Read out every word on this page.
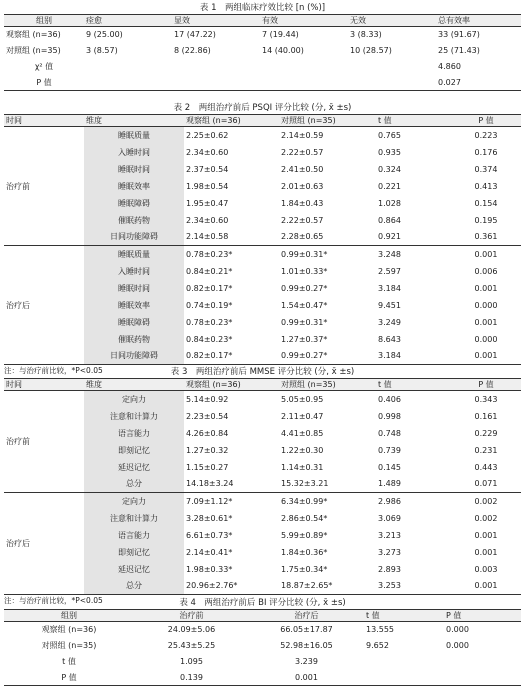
表 1　两组临床疗效比较 [n (%)]
组别	痊愈	显效	有效	无效	总有效率
观察组 (n=36)	9 (25.00)	17 (47.22)	7 (19.44)	3 (8.33)	33 (91.67)
对照组 (n=35)	3 (8.57)	8 (22.86)	14 (40.00)	10 (28.57)	25 (71.43)
χ² 值					4.860
P 值					0.027
表 2　两组治疗前后 PSQI 评分比较 (分, x̄ ±s)
时间	维度	观察组 (n=36)	对照组 (n=35)	t 值	P 值
治疗前	睡眠质量	2.25±0.62	2.14±0.59	0.765	0.223
	入睡时间	2.34±0.60	2.22±0.57	0.935	0.176
	睡眠时间	2.37±0.54	2.41±0.50	0.324	0.374
	睡眠效率	1.98±0.54	2.01±0.63	0.221	0.413
	睡眠障碍	1.95±0.47	1.84±0.43	1.028	0.154
	催眠药物	2.34±0.60	2.22±0.57	0.864	0.195
	日间功能障碍	2.14±0.58	2.28±0.65	0.921	0.361
治疗后	睡眠质量	0.78±0.23*	0.99±0.31*	3.248	0.001
	入睡时间	0.84±0.21*	1.01±0.33*	2.597	0.006
	睡眠时间	0.82±0.17*	0.99±0.27*	3.184	0.001
	睡眠效率	0.74±0.19*	1.54±0.47*	9.451	0.000
	睡眠障碍	0.78±0.23*	0.99±0.31*	3.249	0.001
	催眠药物	0.84±0.23*	1.27±0.37*	8.643	0.000
	日间功能障碍	0.82±0.17*	0.99±0.27*	3.184	0.001
注：与治疗前比较，*P<0.05	表 3　两组治疗前后 MMSE 评分比较 (分, x̄ ±s)
时间	维度	观察组 (n=36)	对照组 (n=35)	t 值	P 值
治疗前	定向力	5.14±0.92	5.05±0.95	0.406	0.343
	注意和计算力	2.23±0.54	2.11±0.47	0.998	0.161
	语言能力	4.26±0.84	4.41±0.85	0.748	0.229
	即刻记忆	1.27±0.32	1.22±0.30	0.739	0.231
	延迟记忆	1.15±0.27	1.14±0.31	0.145	0.443
	总分	14.18±3.24	15.32±3.21	1.489	0.071
治疗后	定向力	7.09±1.12*	6.34±0.99*	2.986	0.002
	注意和计算力	3.28±0.61*	2.86±0.54*	3.069	0.002
	语言能力	6.61±0.73*	5.99±0.89*	3.213	0.001
	即刻记忆	2.14±0.41*	1.84±0.36*	3.273	0.001
	延迟记忆	1.98±0.33*	1.75±0.34*	2.893	0.003
	总分	20.96±2.76*	18.87±2.65*	3.253	0.001
注：与治疗前比较，*P<0.05	表 4　两组治疗前后 BI 评分比较 (分, x̄ ±s)
组别	治疗前	治疗后	t 值	P 值
观察组 (n=36)	24.09±5.06	66.05±17.87	13.555	0.000
对照组 (n=35)	25.43±5.25	52.98±16.05	9.652	0.000
t 值	1.095	3.239		
P 值	0.139	0.001		
